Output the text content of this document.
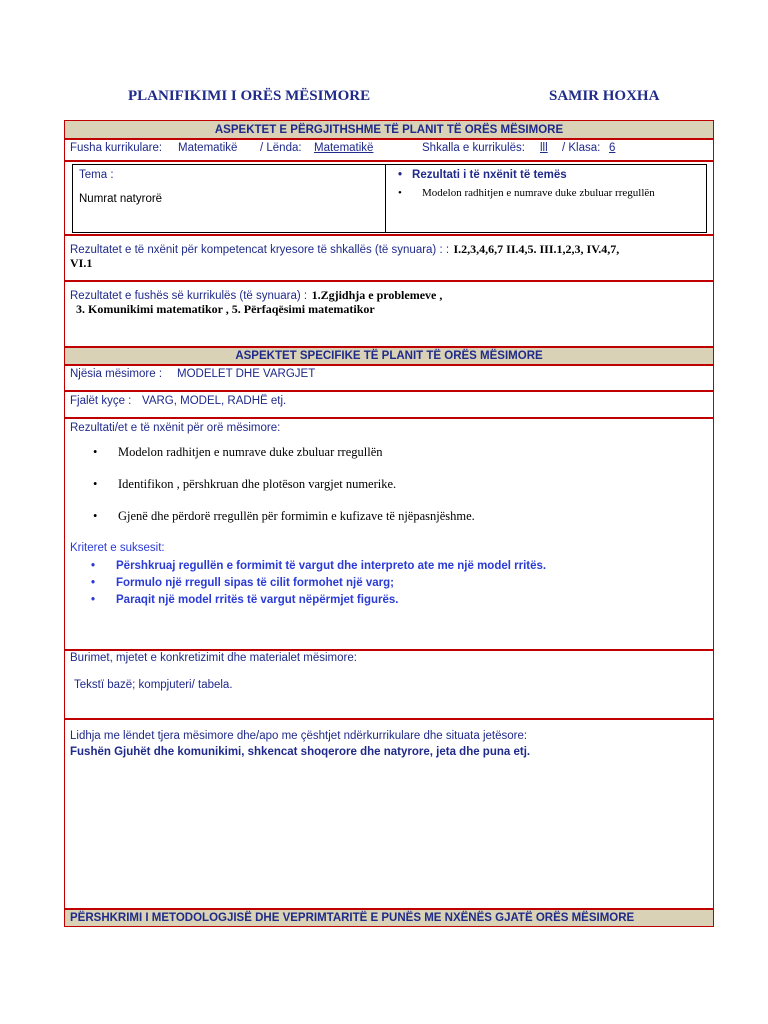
PLANIFIKIMI I ORËS MËSIMORE	SAMIR HOXHA
ASPEKTET E PËRGJITHSHME TË PLANIT TË ORËS MËSIMORE
Fusha kurrikulare: Matematikë / Lënda: Matematikë	Shkalla e kurrikulës: lll / Klasa: 6
Tema :
Numrat natyrorë
• Rezultati i të nxënit të temës
•	Modelon radhitjen e numrave duke zbuluar rregullën
Rezultatet e të nxënit për kompetencat kryesore të shkallës (të synuara) : : I.2,3,4,6,7 II.4,5. III.1,2,3, IV.4,7,
VI.1
Rezultatet e fushës së kurrikulës (të synuara) : 1.Zgjidhja e problemeve ,
3. Komunikimi matematikor , 5. Përfaqësimi matematikor
ASPEKTET SPECIFIKE TË PLANIT TË ORËS MËSIMORE
Njësia mësimore : MODELET DHE VARGJET
Fjalët kyçe : VARG, MODEL, RADHË etj.
Rezultati/et e të nxënit për orë mësimore:
• Modelon radhitjen e numrave duke zbuluar rregullën
• Identifikon , përshkruan dhe plotëson vargjet numerike.
• Gjenë dhe përdorë rregullën për formimin e kufizave të njëpasnjëshme.
Kriteret e suksesit:
• Përshkruaj regullën e formimit të vargut dhe interpreto ate me një model rritës.
• Formulo një rregull sipas të cilit formohet një varg;
• Paraqit një model rritës të vargut nëpërmjet figurës.
Burimet, mjetet e konkretizimit dhe materialet mësimore:
Tekstї bazë; kompjuteri/ tabela.
Lidhja me lëndet tjera mësimore dhe/apo me çështjet ndërkurrikulare dhe situata jetësore:
Fushën Gjuhët dhe komunikimi, shkencat shoqerore dhe natyrore, jeta dhe puna etj.
PËRSHKRIMI I METODOLOGJISË DHE VEPRIMTARITË E PUNËS ME NXËNËS GJATË ORËS MËSIMORE
